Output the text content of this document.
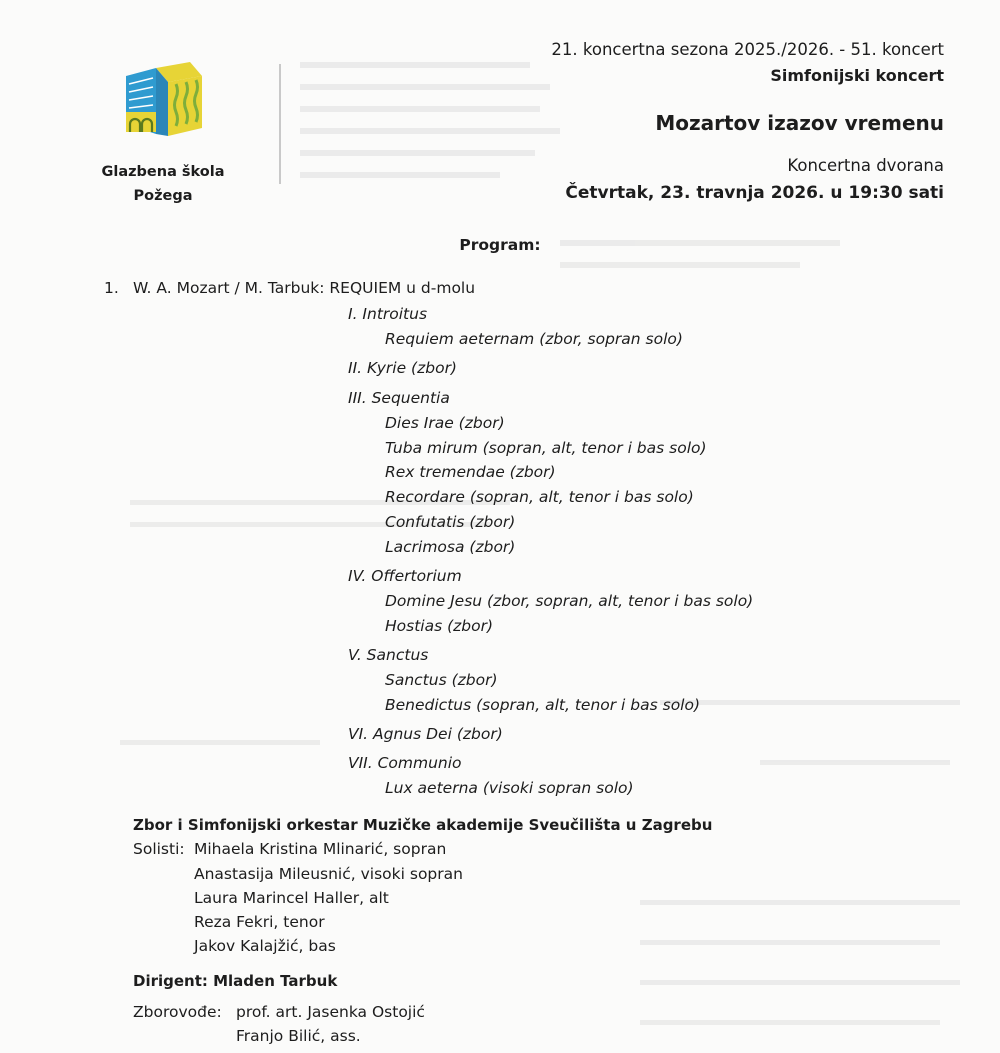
Glazbena škola
Požega
21. koncertna sezona 2025./2026. - 51. koncert
Simfonijski koncert
Mozartov izazov vremenu
Koncertna dvorana
Četvrtak, 23. travnja 2026. u 19:30 sati
Program:
1. W. A. Mozart / M. Tarbuk: REQUIEM u d-molu
I. Introitus
Requiem aeternam (zbor, sopran solo)
II. Kyrie (zbor)
III. Sequentia
Dies Irae (zbor)
Tuba mirum (sopran, alt, tenor i bas solo)
Rex tremendae (zbor)
Recordare (sopran, alt, tenor i bas solo)
Confutatis (zbor)
Lacrimosa (zbor)
IV. Offertorium
Domine Jesu (zbor, sopran, alt, tenor i bas solo)
Hostias (zbor)
V. Sanctus
Sanctus (zbor)
Benedictus (sopran, alt, tenor i bas solo)
VI. Agnus Dei (zbor)
VII. Communio
Lux aeterna (visoki sopran solo)
Zbor i Simfonijski orkestar Muzičke akademije Sveučilišta u Zagrebu
Solisti: Mihaela Kristina Mlinarić, sopran
Anastasija Mileusnić, visoki sopran
Laura Marincel Haller, alt
Reza Fekri, tenor
Jakov Kalajžić, bas
Dirigent: Mladen Tarbuk
Zborovođe: prof. art. Jasenka Ostojić
Franjo Bilić, ass.
